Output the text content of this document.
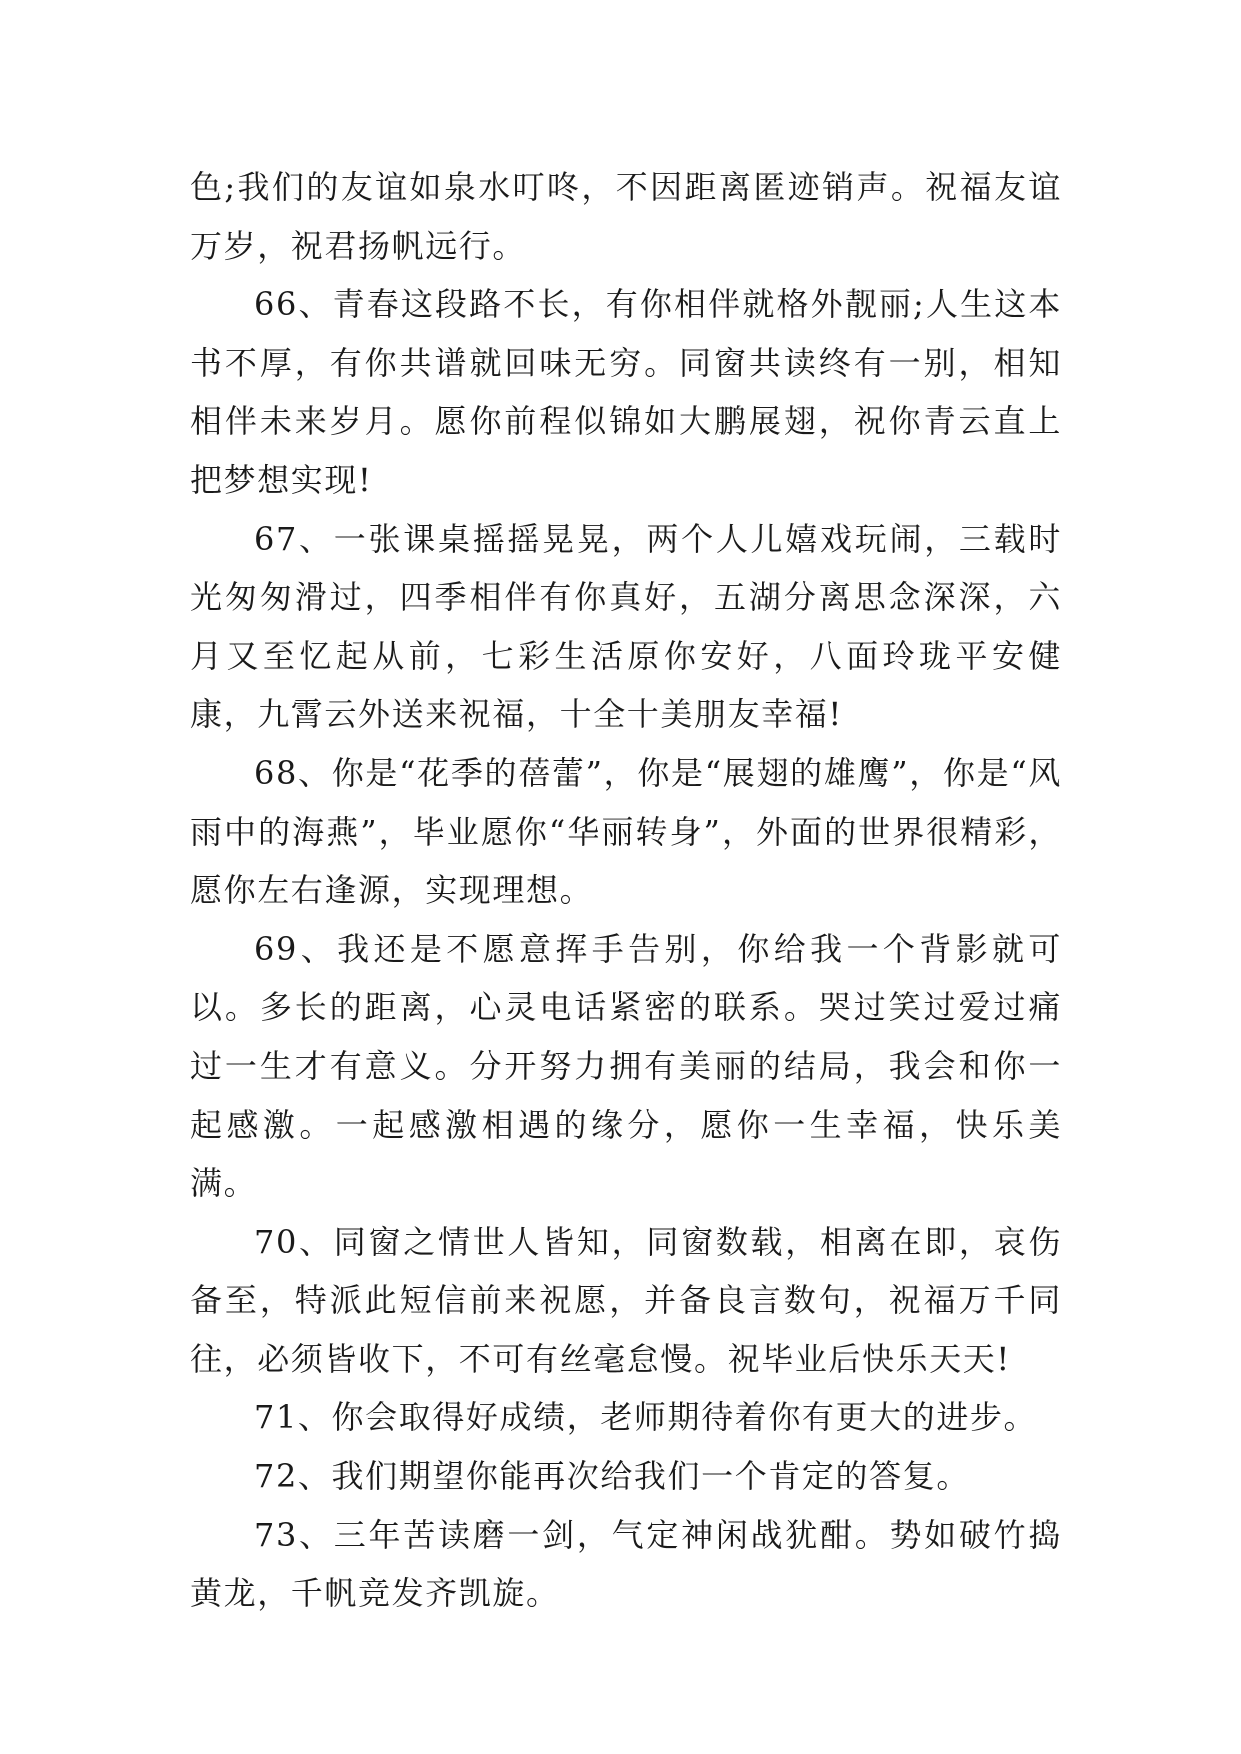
色;我们的友谊如泉水叮咚，不因距离匿迹销声。祝福友谊万岁，祝君扬帆远行。

66、青春这段路不长，有你相伴就格外靓丽;人生这本书不厚，有你共谱就回味无穷。同窗共读终有一别，相知相伴未来岁月。愿你前程似锦如大鹏展翅，祝你青云直上把梦想实现!

67、一张课桌摇摇晃晃，两个人儿嬉戏玩闹，三载时光匆匆滑过，四季相伴有你真好，五湖分离思念深深，六月又至忆起从前，七彩生活原你安好，八面玲珑平安健康，九霄云外送来祝福，十全十美朋友幸福!

68、你是“花季的蓓蕾”，你是“展翅的雄鹰”，你是“风雨中的海燕”，毕业愿你“华丽转身”，外面的世界很精彩，愿你左右逢源，实现理想。

69、我还是不愿意挥手告别，你给我一个背影就可以。多长的距离，心灵电话紧密的联系。哭过笑过爱过痛过一生才有意义。分开努力拥有美丽的结局，我会和你一起感激。一起感激相遇的缘分，愿你一生幸福，快乐美满。

70、同窗之情世人皆知，同窗数载，相离在即，哀伤备至，特派此短信前来祝愿，并备良言数句，祝福万千同往，必须皆收下，不可有丝毫怠慢。祝毕业后快乐天天!

71、你会取得好成绩，老师期待着你有更大的进步。

72、我们期望你能再次给我们一个肯定的答复。

73、三年苦读磨一剑，气定神闲战犹酣。势如破竹捣黄龙，千帆竞发齐凯旋。
